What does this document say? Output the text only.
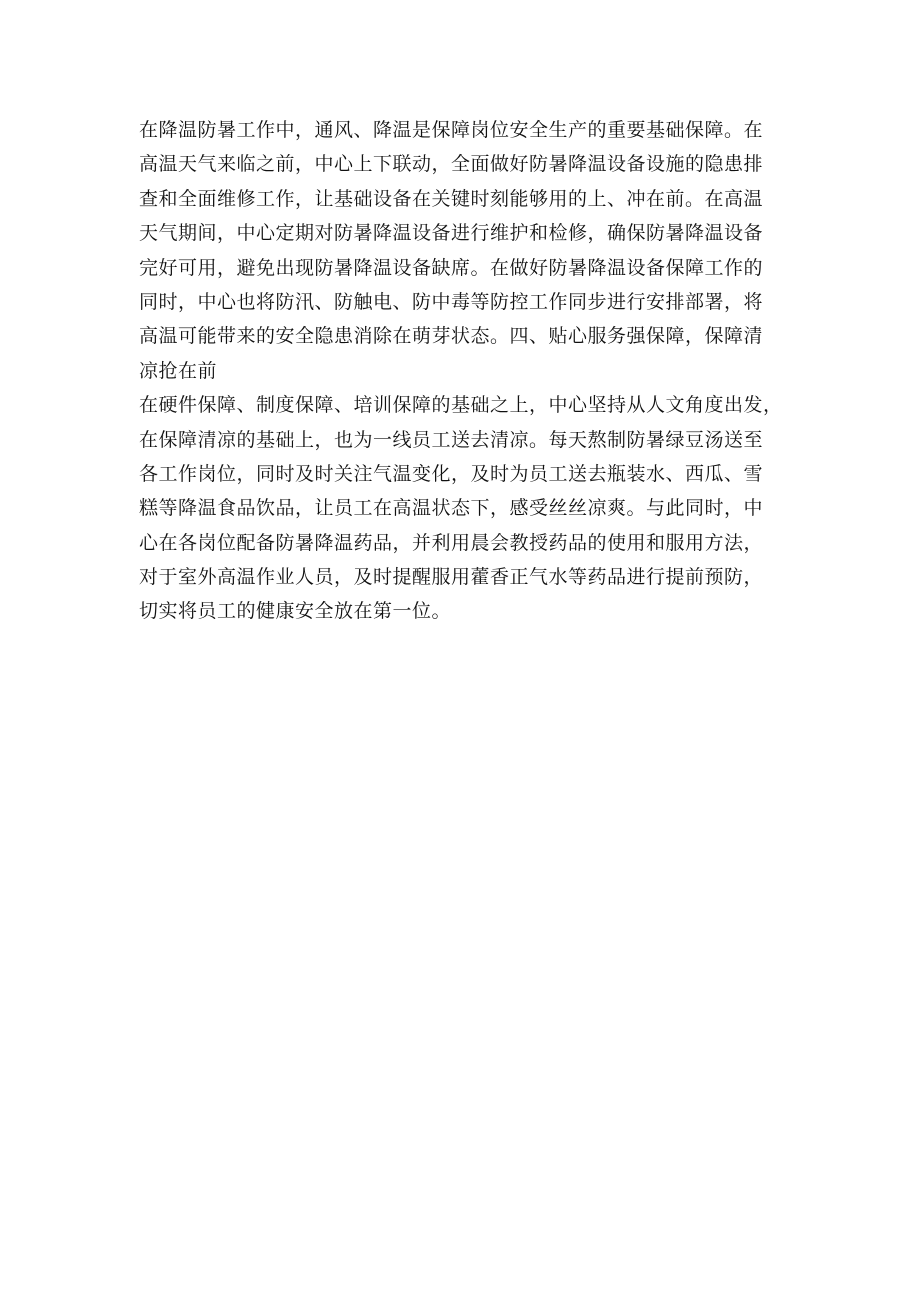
在降温防暑工作中，通风、降温是保障岗位安全生产的重要基础保障。在
高温天气来临之前，中心上下联动，全面做好防暑降温设备设施的隐患排
查和全面维修工作，让基础设备在关键时刻能够用的上、冲在前。在高温
天气期间，中心定期对防暑降温设备进行维护和检修，确保防暑降温设备
完好可用，避免出现防暑降温设备缺席。在做好防暑降温设备保障工作的
同时，中心也将防汛、防触电、防中毒等防控工作同步进行安排部署，将
高温可能带来的安全隐患消除在萌芽状态。四、贴心服务强保障，保障清
凉抢在前
在硬件保障、制度保障、培训保障的基础之上，中心坚持从人文角度出发，
在保障清凉的基础上，也为一线员工送去清凉。每天熬制防暑绿豆汤送至
各工作岗位，同时及时关注气温变化，及时为员工送去瓶装水、西瓜、雪
糕等降温食品饮品，让员工在高温状态下，感受丝丝凉爽。与此同时，中
心在各岗位配备防暑降温药品，并利用晨会教授药品的使用和服用方法，
对于室外高温作业人员，及时提醒服用藿香正气水等药品进行提前预防，
切实将员工的健康安全放在第一位。
